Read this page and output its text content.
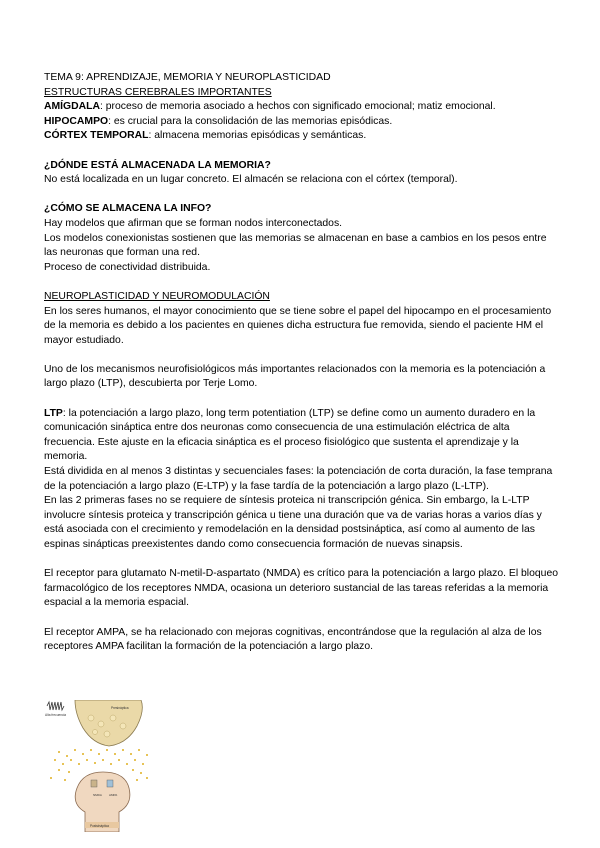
TEMA 9: APRENDIZAJE, MEMORIA Y NEUROPLASTICIDAD
ESTRUCTURAS CEREBRALES IMPORTANTES
AMÍGDALA: proceso de memoria asociado a hechos con significado emocional; matiz emocional.
HIPOCAMPO: es crucial para la consolidación de las memorias episódicas.
CÓRTEX TEMPORAL: almacena memorias episódicas y semánticas.
¿DÓNDE ESTÁ ALMACENADA LA MEMORIA?
No está localizada en un lugar concreto. El almacén se relaciona con el córtex (temporal).
¿CÓMO SE ALMACENA LA INFO?
Hay modelos que afirman que se forman nodos interconectados.
Los modelos conexionistas sostienen que las memorias se almacenan en base a cambios en los pesos entre las neuronas que forman una red.
Proceso de conectividad distribuida.
NEUROPLASTICIDAD Y NEUROMODULACIÓN
En los seres humanos, el mayor conocimiento que se tiene sobre el papel del hipocampo en el procesamiento de la memoria es debido a los pacientes en quienes dicha estructura fue removida, siendo el paciente HM el mayor estudiado.
Uno de los mecanismos neurofisiológicos más importantes relacionados con la memoria es la potenciación a largo plazo (LTP), descubierta por Terje Lomo.
LTP: la potenciación a largo plazo, long term potentiation (LTP) se define como un aumento duradero en la comunicación sináptica entre dos neuronas como consecuencia de una estimulación eléctrica de alta frecuencia. Este ajuste en la eficacia sináptica es el proceso fisiológico que sustenta el aprendizaje y la memoria.
Está dividida en al menos 3 distintas y secuenciales fases: la potenciación de corta duración, la fase temprana de la potenciación a largo plazo (E-LTP) y la fase tardía de la potenciación a largo plazo (L-LTP).
En las 2 primeras fases no se requiere de síntesis proteica ni transcripción génica. Sin embargo, la L-LTP involucre síntesis proteica y transcripción génica u tiene una duración que va de varias horas a varios días y está asociada con el crecimiento y remodelación en la densidad postsináptica, así como al aumento de las espinas sinápticas preexistentes dando como consecuencia formación de nuevas sinapsis.
El receptor para glutamato N-metil-D-aspartato (NMDA) es crítico para la potenciación a largo plazo. El bloqueo farmacológico de los receptores NMDA, ocasiona un deterioro sustancial de las tareas referidas a la memoria espacial a la memoria espacial.
El receptor AMPA, se ha relacionado con mejoras cognitivas, encontrándose que la regulación al alza de los receptores AMPA facilitan la formación de la potenciación a largo plazo.
Alta frecuencia
Presináptica
NMDA AMPA
Postsináptica
